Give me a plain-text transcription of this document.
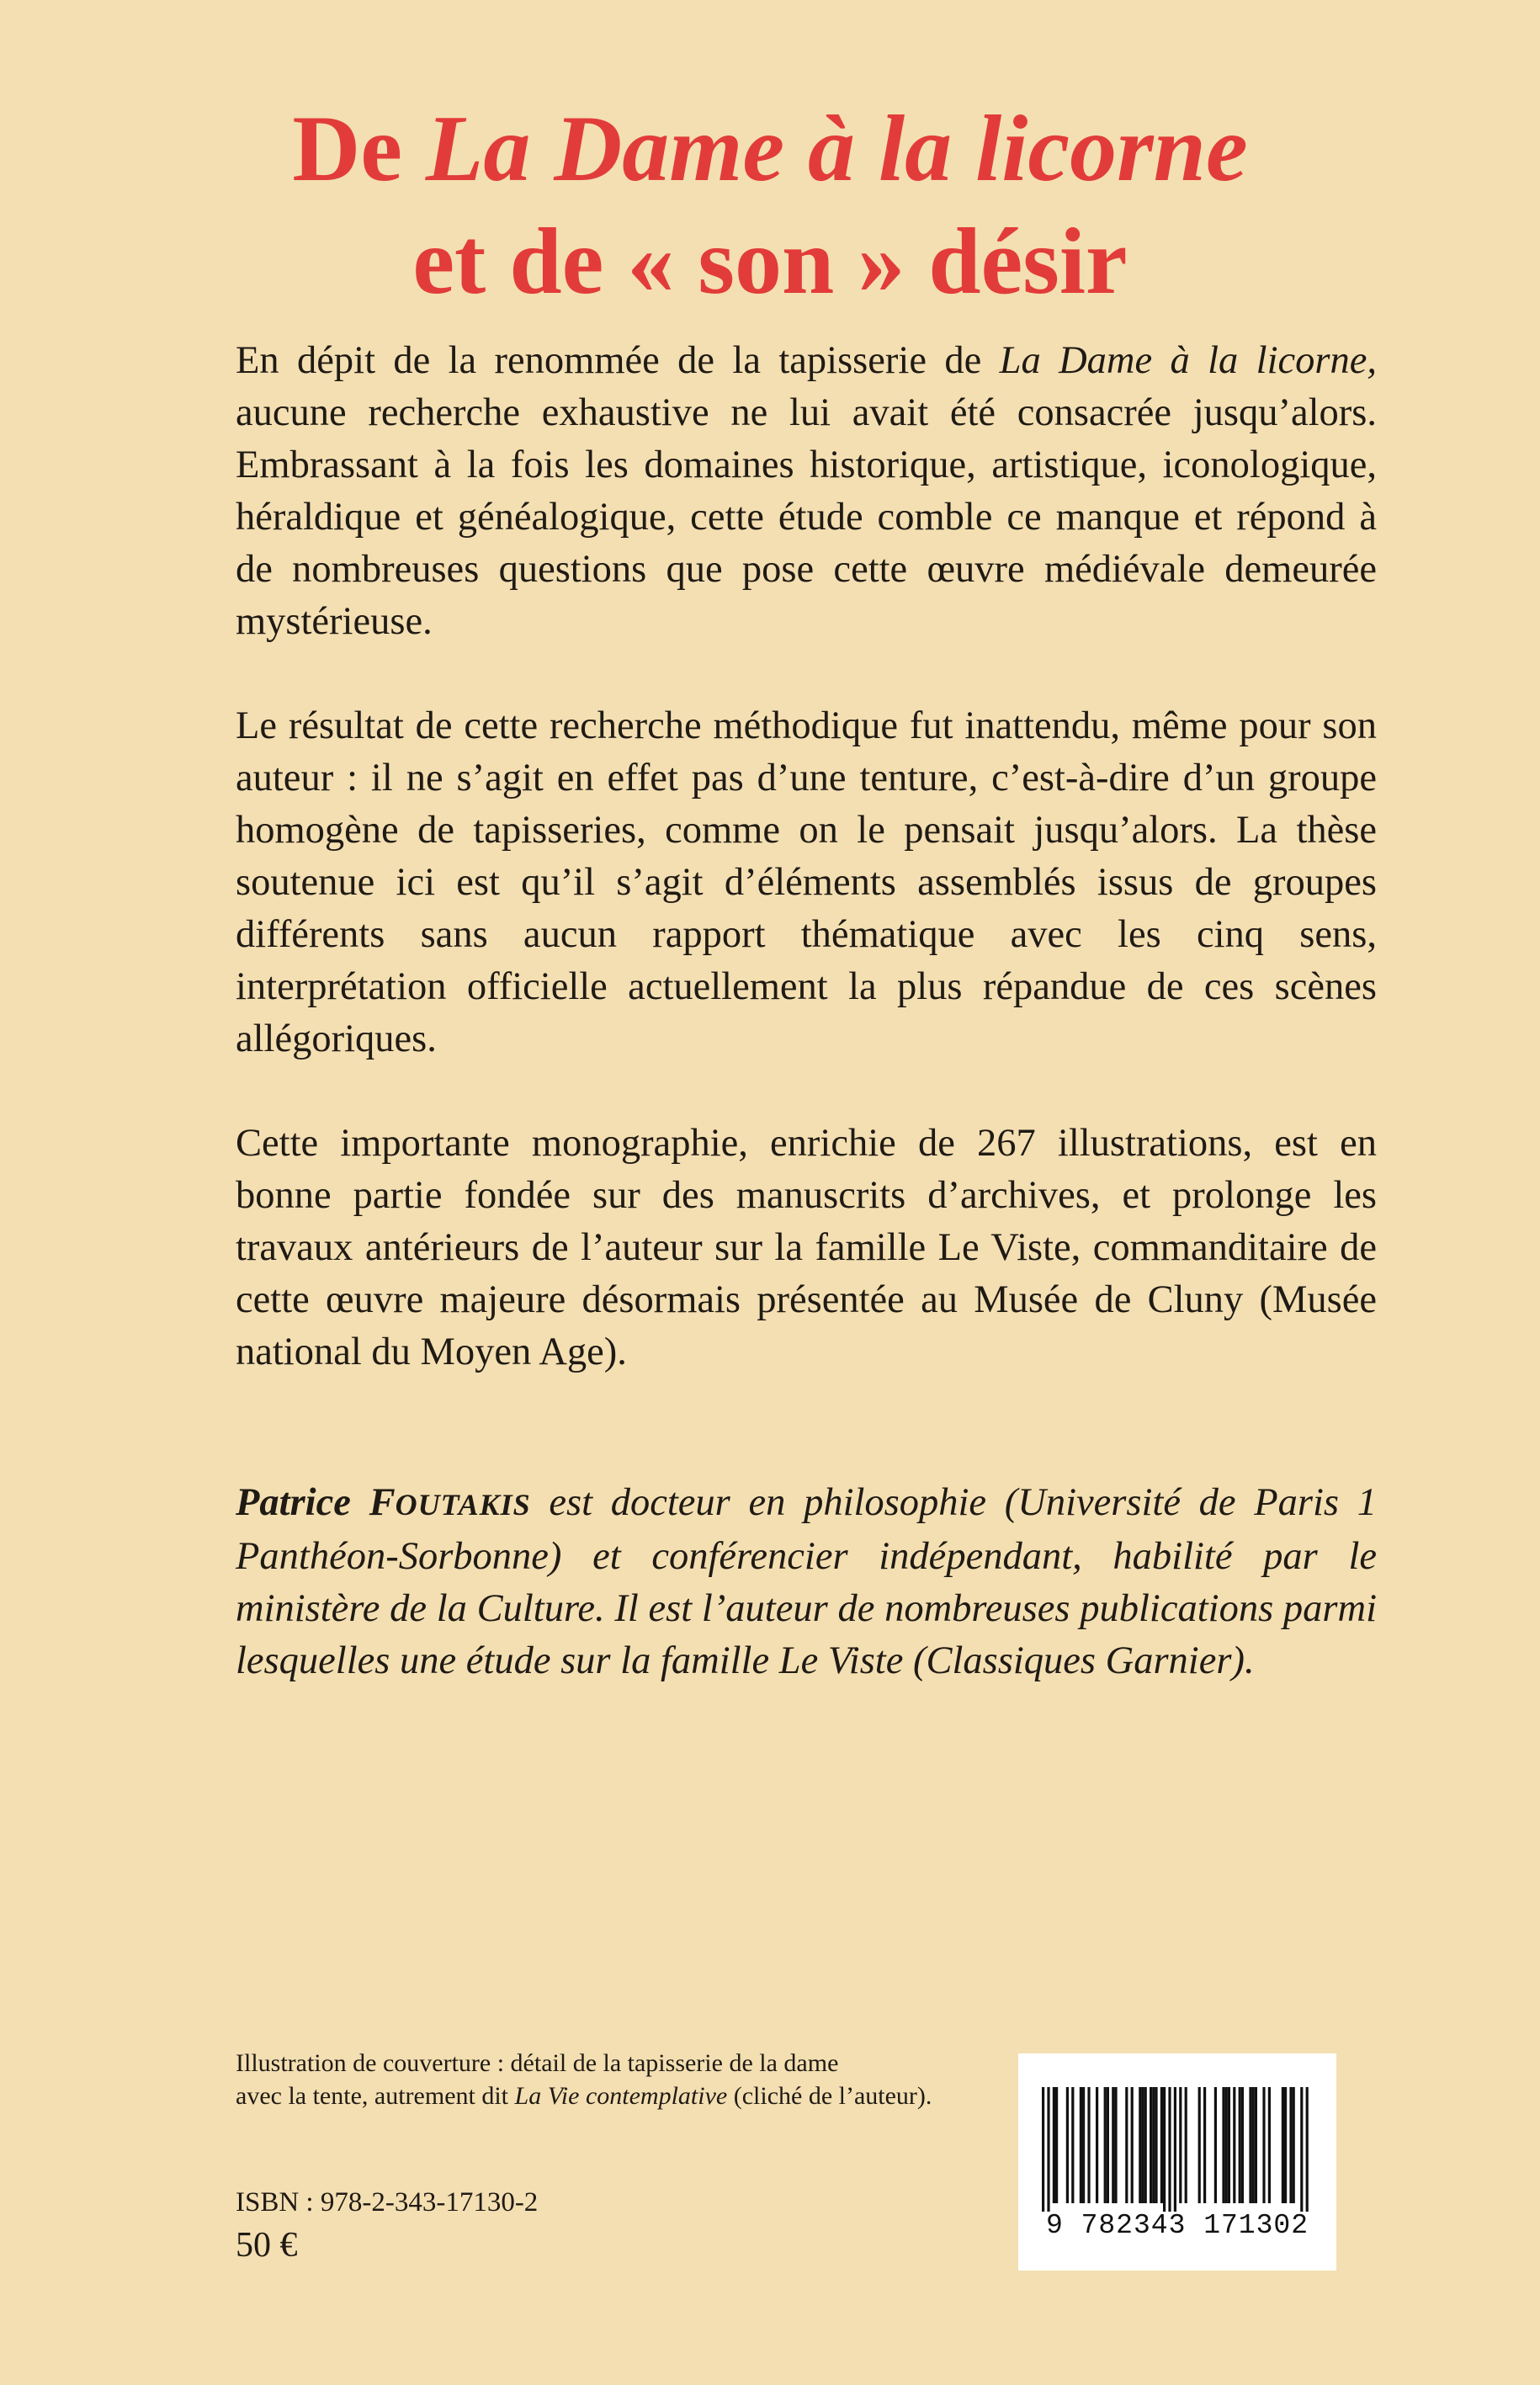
De La Dame à la licorne
et de « son » désir

En dépit de la renommée de la tapisserie de La Dame à la licorne, aucune recherche exhaustive ne lui avait été consacrée jusqu’alors. Embrassant à la fois les domaines historique, artistique, iconologique, héraldique et généalogique, cette étude comble ce manque et répond à de nombreuses questions que pose cette œuvre médiévale demeurée mystérieuse.

Le résultat de cette recherche méthodique fut inattendu, même pour son auteur : il ne s’agit en effet pas d’une tenture, c’est-à-dire d’un groupe homogène de tapisseries, comme on le pensait jusqu’alors. La thèse soutenue ici est qu’il s’agit d’éléments assemblés issus de groupes différents sans aucun rapport thématique avec les cinq sens, interprétation officielle actuellement la plus répandue de ces scènes allégoriques.

Cette importante monographie, enrichie de 267 illustrations, est en bonne partie fondée sur des manuscrits d’archives, et prolonge les travaux antérieurs de l’auteur sur la famille Le Viste, commanditaire de cette œuvre majeure désormais présentée au Musée de Cluny (Musée national du Moyen Age).

Patrice FOUTAKIS est docteur en philosophie (Université de Paris 1 Panthéon-Sorbonne) et conférencier indépendant, habilité par le ministère de la Culture. Il est l’auteur de nombreuses publications parmi lesquelles une étude sur la famille Le Viste (Classiques Garnier).
Illustration de couverture : détail de la tapisserie de la dame
avec la tente, autrement dit La Vie contemplative (cliché de l’auteur).
ISBN : 978-2-343-17130-2
50 €
9 782343 171302
